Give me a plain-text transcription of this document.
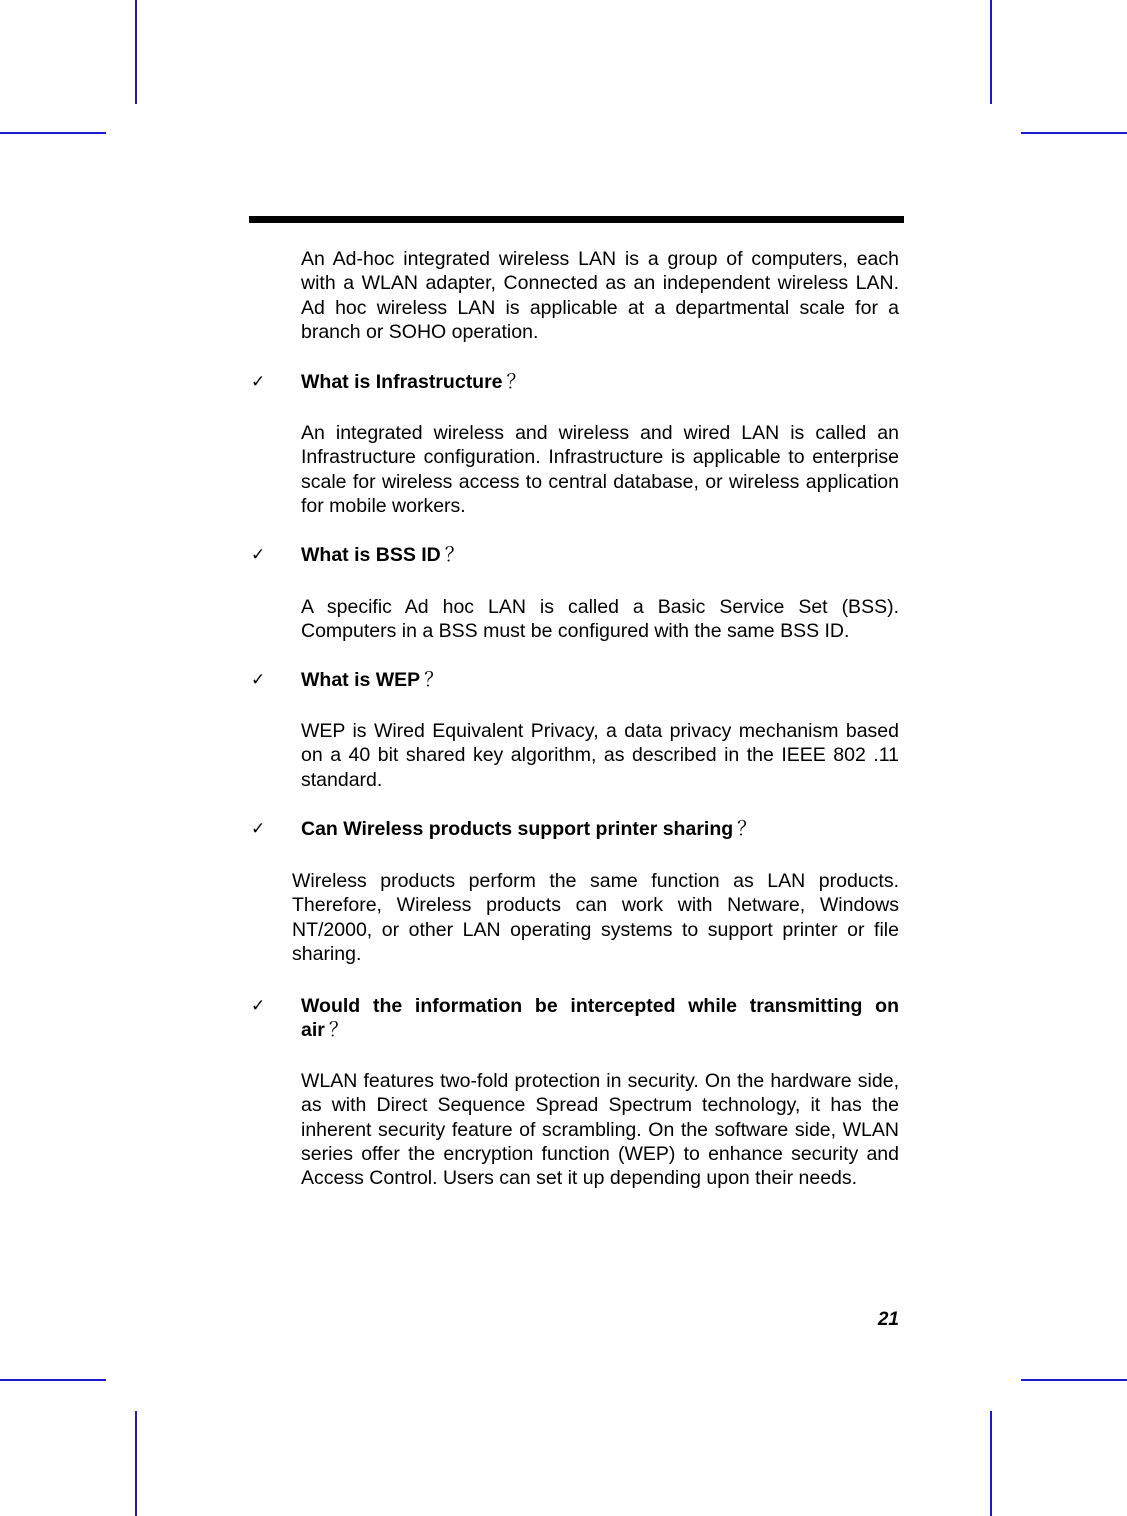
An Ad-hoc integrated wireless LAN is a group of computers, each with a WLAN adapter, Connected as an independent wireless LAN. Ad hoc wireless LAN is applicable at a departmental scale for a branch or SOHO operation.

✓ What is Infrastructure ？

An integrated wireless and wireless and wired LAN is called an Infrastructure configuration. Infrastructure is applicable to enterprise scale for wireless access to central database, or wireless application for mobile workers.

✓ What is BSS ID ？

A specific Ad hoc LAN is called a Basic Service Set (BSS). Computers in a BSS must be configured with the same BSS ID.

✓ What is WEP ？

WEP is Wired Equivalent Privacy, a data privacy mechanism based on a 40 bit shared key algorithm, as described in the IEEE 802 .11 standard.

✓ Can Wireless products support printer sharing ？

Wireless products perform the same function as LAN products. Therefore, Wireless products can work with Netware, Windows NT/2000, or other LAN operating systems to support printer or file sharing.

✓ Would the information be intercepted while transmitting on air ？

WLAN features two-fold protection in security. On the hardware side, as with Direct Sequence Spread Spectrum technology, it has the inherent security feature of scrambling. On the software side, WLAN series offer the encryption function (WEP) to enhance security and Access Control. Users can set it up depending upon their needs.

21
